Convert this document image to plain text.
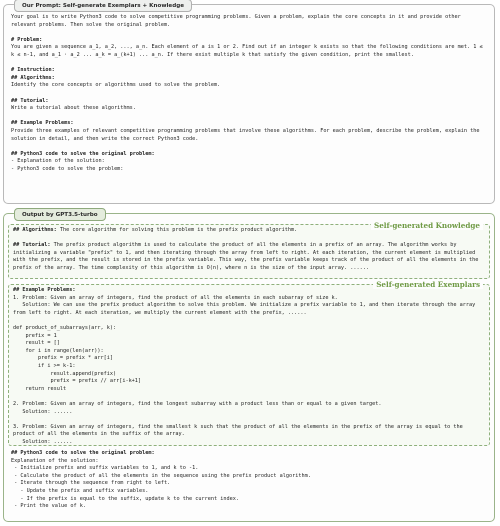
Our Prompt: Self-generate Exemplars + Knowledge
Your goal is to write Python3 code to solve competitive programming problems. Given a problem, explain the core concepts in it and provide other relevant problems. Then solve the original problem.

# Problem:
You are given a sequence a_1, a_2, ..., a_n. Each element of a is 1 or 2. Find out if an integer k exists so that the following conditions are met. 1 ≤ k ≤ n-1, and a_1 · a_2 ... a_k = a_(k+1) ... a_n. If there exist multiple k that satisfy the given condition, print the smallest.

# Instruction:
## Algorithms:
Identify the core concepts or algorithms used to solve the problem.

## Tutorial:
Write a tutorial about these algorithms.

## Example Problems:
Provide three examples of relevant competitive programming problems that involve these algorithms. For each problem, describe the problem, explain the solution in detail, and then write the correct Python3 code.

## Python3 code to solve the original problem:
- Explanation of the solution:
- Python3 code to solve the problem:
Output by GPT3.5-turbo
Self-generated Knowledge
## Algorithms: The core algorithm for solving this problem is the prefix product algorithm.

## Tutorial: The prefix product algorithm is used to calculate the product of all the elements in a prefix of an array. The algorithm works by initializing a variable "prefix" to 1, and then iterating through the array from left to right. At each iteration, the current element is multiplied with the prefix, and the result is stored in the prefix variable. This way, the prefix variable keeps track of the product of all the elements in the prefix of the array. The time complexity of this algorithm is O(n), where n is the size of the input array. ......
Self-generated Exemplars
## Example Problems:
1. Problem: Given an array of integers, find the product of all the elements in each subarray of size k.
Solution: We can use the prefix product algorithm to solve this problem. We initialize a prefix variable to 1, and then iterate through the array from left to right. At each iteration, we multiply the current element with the prefix, ......

def product_of_subarrays(arr, k):
prefix = 1
result = []
for i in range(len(arr)):
prefix = prefix * arr[i]
if i >= k-1:
result.append(prefix)
prefix = prefix // arr[i-k+1]
return result

2. Problem: Given an array of integers, find the longest subarray with a product less than or equal to a given target.
Solution: ......

3. Problem: Given an array of integers, find the smallest k such that the product of all the elements in the prefix of the array is equal to the product of all the elements in the suffix of the array.
Solution: ......
## Python3 code to solve the original problem:
Explanation of the solution:
- Initialize prefix and suffix variables to 1, and k to -1.
- Calculate the product of all the elements in the sequence using the prefix product algorithm.
- Iterate through the sequence from right to left.
- Update the prefix and suffix variables.
- If the prefix is equal to the suffix, update k to the current index.
- Print the value of k.
